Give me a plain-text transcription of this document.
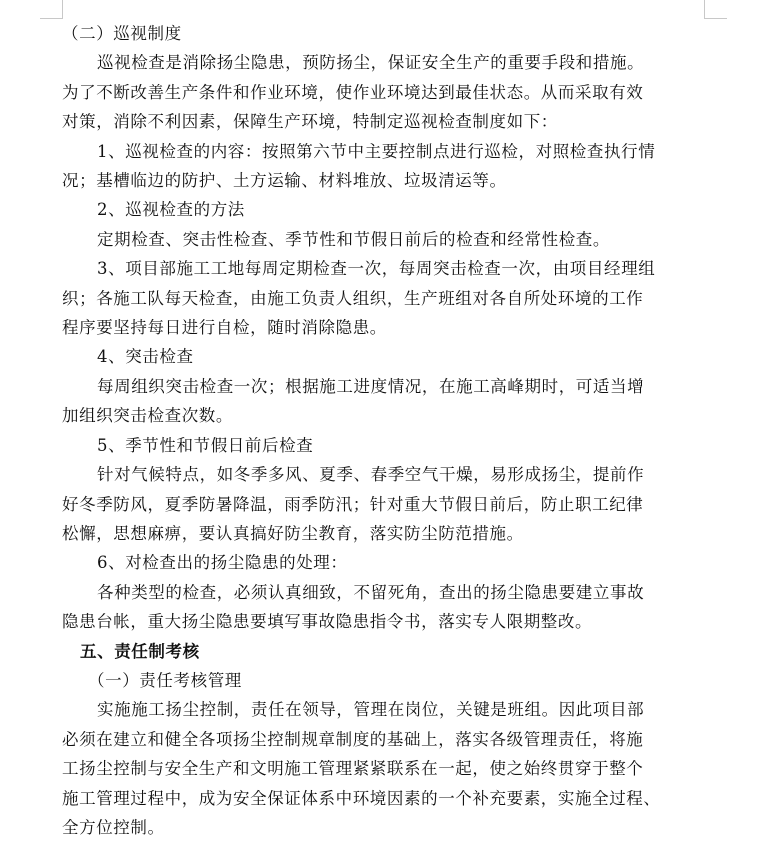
（二）巡视制度

巡视检查是消除扬尘隐患，预防扬尘，保证安全生产的重要手段和措施。

为了不断改善生产条件和作业环境，使作业环境达到最佳状态。从而采取有效

对策，消除不利因素，保障生产环境，特制定巡视检查制度如下：

1、巡视检查的内容：按照第六节中主要控制点进行巡检，对照检查执行情

况；基槽临边的防护、土方运输、材料堆放、垃圾清运等。

2、巡视检查的方法

定期检查、突击性检查、季节性和节假日前后的检查和经常性检查。

3、项目部施工工地每周定期检查一次，每周突击检查一次，由项目经理组

织；各施工队每天检查，由施工负责人组织，生产班组对各自所处环境的工作

程序要坚持每日进行自检，随时消除隐患。

4、突击检查

每周组织突击检查一次；根据施工进度情况，在施工高峰期时，可适当增

加组织突击检查次数。

5、季节性和节假日前后检查

针对气候特点，如冬季多风、夏季、春季空气干燥，易形成扬尘，提前作

好冬季防风，夏季防暑降温，雨季防汛；针对重大节假日前后，防止职工纪律

松懈，思想麻痹，要认真搞好防尘教育，落实防尘防范措施。

6、对检查出的扬尘隐患的处理：

各种类型的检查，必须认真细致，不留死角，查出的扬尘隐患要建立事故

隐患台帐，重大扬尘隐患要填写事故隐患指令书，落实专人限期整改。

五、责任制考核

（一）责任考核管理

实施施工扬尘控制，责任在领导，管理在岗位，关键是班组。因此项目部

必须在建立和健全各项扬尘控制规章制度的基础上，落实各级管理责任，将施

工扬尘控制与安全生产和文明施工管理紧紧联系在一起，使之始终贯穿于整个

施工管理过程中，成为安全保证体系中环境因素的一个补充要素，实施全过程、

全方位控制。
